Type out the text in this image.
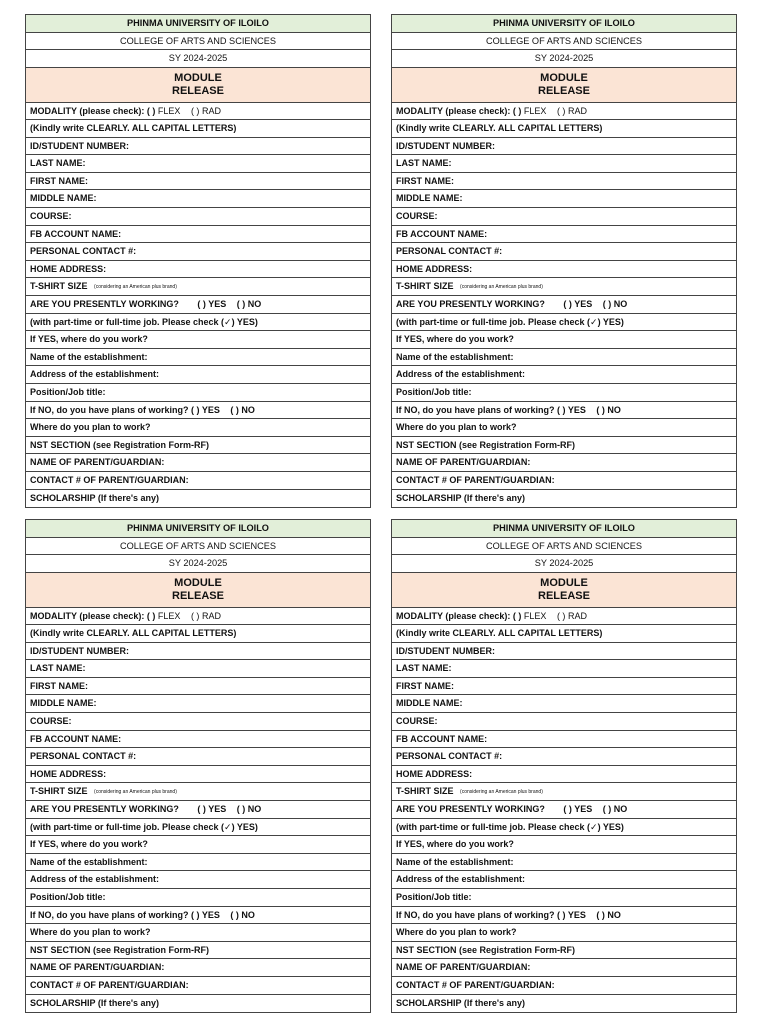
PHINMA UNIVERSITY OF ILOILO
COLLEGE OF ARTS AND SCIENCES
SY 2024-2025
MODULE
RELEASE
MODALITY (please check): ( ) FLEX ( ) RAD
(Kindly write CLEARLY. ALL CAPITAL LETTERS)
ID/STUDENT NUMBER:
LAST NAME:
FIRST NAME:
MIDDLE NAME:
COURSE:
FB ACCOUNT NAME:
PERSONAL CONTACT #:
HOME ADDRESS:
T-SHIRT SIZE (considering an American plus brand)
ARE YOU PRESENTLY WORKING? ( ) YES ( ) NO
(with part-time or full-time job. Please check (✓) YES)
If YES, where do you work?
Name of the establishment:
Address of the establishment:
Position/Job title:
If NO, do you have plans of working? ( ) YES ( ) NO
Where do you plan to work?
NST SECTION (see Registration Form-RF)
NAME OF PARENT/GUARDIAN:
CONTACT # OF PARENT/GUARDIAN:
SCHOLARSHIP (If there's any)
PHINMA UNIVERSITY OF ILOILO
COLLEGE OF ARTS AND SCIENCES
SY 2024-2025
MODULE
RELEASE
MODALITY (please check): ( ) FLEX ( ) RAD
(Kindly write CLEARLY. ALL CAPITAL LETTERS)
ID/STUDENT NUMBER:
LAST NAME:
FIRST NAME:
MIDDLE NAME:
COURSE:
FB ACCOUNT NAME:
PERSONAL CONTACT #:
HOME ADDRESS:
T-SHIRT SIZE (considering an American plus brand)
ARE YOU PRESENTLY WORKING? ( ) YES ( ) NO
(with part-time or full-time job. Please check (✓) YES)
If YES, where do you work?
Name of the establishment:
Address of the establishment:
Position/Job title:
If NO, do you have plans of working? ( ) YES ( ) NO
Where do you plan to work?
NST SECTION (see Registration Form-RF)
NAME OF PARENT/GUARDIAN:
CONTACT # OF PARENT/GUARDIAN:
SCHOLARSHIP (If there's any)
PHINMA UNIVERSITY OF ILOILO
COLLEGE OF ARTS AND SCIENCES
SY 2024-2025
MODULE
RELEASE
MODALITY (please check): ( ) FLEX ( ) RAD
(Kindly write CLEARLY. ALL CAPITAL LETTERS)
ID/STUDENT NUMBER:
LAST NAME:
FIRST NAME:
MIDDLE NAME:
COURSE:
FB ACCOUNT NAME:
PERSONAL CONTACT #:
HOME ADDRESS:
T-SHIRT SIZE (considering an American plus brand)
ARE YOU PRESENTLY WORKING? ( ) YES ( ) NO
(with part-time or full-time job. Please check (✓) YES)
If YES, where do you work?
Name of the establishment:
Address of the establishment:
Position/Job title:
If NO, do you have plans of working? ( ) YES ( ) NO
Where do you plan to work?
NST SECTION (see Registration Form-RF)
NAME OF PARENT/GUARDIAN:
CONTACT # OF PARENT/GUARDIAN:
SCHOLARSHIP (If there's any)
PHINMA UNIVERSITY OF ILOILO
COLLEGE OF ARTS AND SCIENCES
SY 2024-2025
MODULE
RELEASE
MODALITY (please check): ( ) FLEX ( ) RAD
(Kindly write CLEARLY. ALL CAPITAL LETTERS)
ID/STUDENT NUMBER:
LAST NAME:
FIRST NAME:
MIDDLE NAME:
COURSE:
FB ACCOUNT NAME:
PERSONAL CONTACT #:
HOME ADDRESS:
T-SHIRT SIZE (considering an American plus brand)
ARE YOU PRESENTLY WORKING? ( ) YES ( ) NO
(with part-time or full-time job. Please check (✓) YES)
If YES, where do you work?
Name of the establishment:
Address of the establishment:
Position/Job title:
If NO, do you have plans of working? ( ) YES ( ) NO
Where do you plan to work?
NST SECTION (see Registration Form-RF)
NAME OF PARENT/GUARDIAN:
CONTACT # OF PARENT/GUARDIAN:
SCHOLARSHIP (If there's any)
